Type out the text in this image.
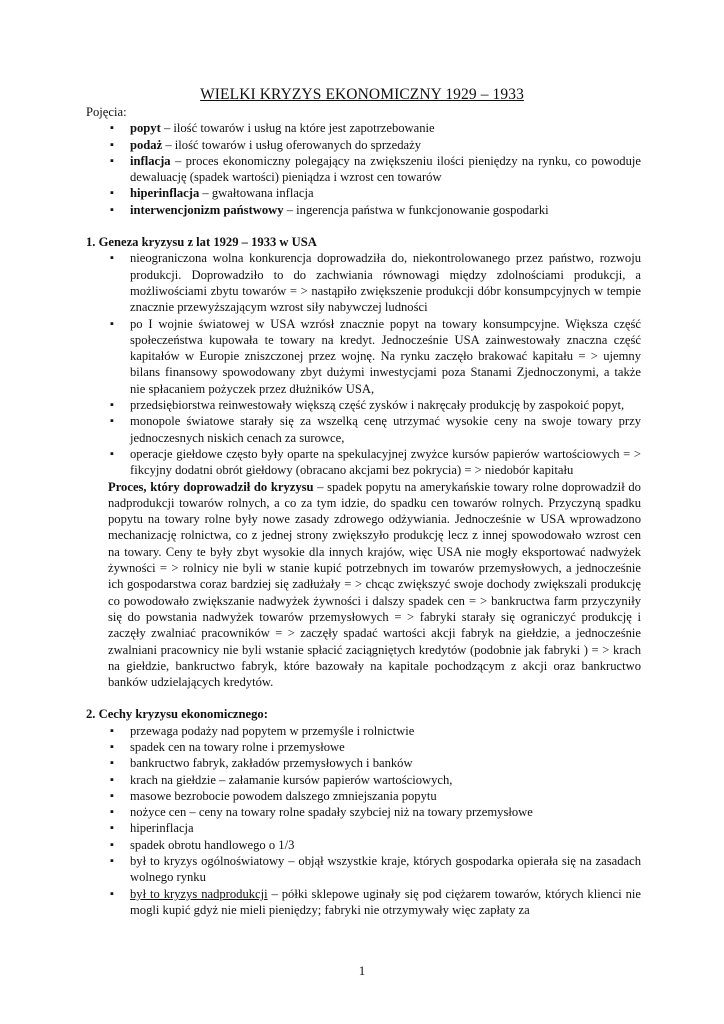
WIELKI KRYZYS EKONOMICZNY 1929 – 1933

Pojęcia:

▪ popyt – ilość towarów i usług na które jest zapotrzebowanie
▪ podaż – ilość towarów i usług oferowanych do sprzedaży
▪ inflacja – proces ekonomiczny polegający na zwiększeniu ilości pieniędzy na rynku, co powoduje dewaluację (spadek wartości) pieniądza i wzrost cen towarów
▪ hiperinflacja – gwałtowana inflacja
▪ interwencjonizm państwowy – ingerencja państwa w funkcjonowanie gospodarki

1. Geneza kryzysu z lat 1929 – 1933 w USA

▪ nieograniczona wolna konkurencja doprowadziła do, niekontrolowanego przez państwo, rozwoju produkcji. Doprowadziło to do zachwiania równowagi między zdolnościami produkcji, a możliwościami zbytu towarów = > nastąpiło zwiększenie produkcji dóbr konsumpcyjnych w tempie znacznie przewyższającym wzrost siły nabywczej ludności
▪ po I wojnie światowej w USA wzrósł znacznie popyt na towary konsumpcyjne. Większa część społeczeństwa kupowała te towary na kredyt. Jednocześnie USA zainwestowały znaczna część kapitałów w Europie zniszczonej przez wojnę. Na rynku zaczęło brakować kapitału = > ujemny bilans finansowy spowodowany zbyt dużymi inwestycjami poza Stanami Zjednoczonymi, a także nie spłacaniem pożyczek przez dłużników USA,
▪ przedsiębiorstwa reinwestowały większą część zysków i nakręcały produkcję by zaspokoić popyt,
▪ monopole światowe starały się za wszelką cenę utrzymać wysokie ceny na swoje towary przy jednoczesnych niskich cenach za surowce,
▪ operacje giełdowe często były oparte na spekulacyjnej zwyżce kursów papierów wartościowych = > fikcyjny dodatni obrót giełdowy (obracano akcjami bez pokrycia) = > niedobór kapitału

Proces, który doprowadził do kryzysu – spadek popytu na amerykańskie towary rolne doprowadził do nadprodukcji towarów rolnych, a co za tym idzie, do spadku cen towarów rolnych. Przyczyną spadku popytu na towary rolne były nowe zasady zdrowego odżywiania. Jednocześnie w USA wprowadzono mechanizację rolnictwa, co z jednej strony zwiększyło produkcję lecz z innej spowodowało wzrost cen na towary. Ceny te były zbyt wysokie dla innych krajów, więc USA nie mogły eksportować nadwyżek żywności = > rolnicy nie byli w stanie kupić potrzebnych im towarów przemysłowych, a jednocześnie ich gospodarstwa coraz bardziej się zadłużały = > chcąc zwiększyć swoje dochody zwiększali produkcję co powodowało zwiększanie nadwyżek żywności i dalszy spadek cen = > bankructwa farm przyczyniły się do powstania nadwyżek towarów przemysłowych = > fabryki starały się ograniczyć produkcję i zaczęły zwalniać pracowników = > zaczęły spadać wartości akcji fabryk na giełdzie, a jednocześnie zwalniani pracownicy nie byli wstanie spłacić zaciągniętych kredytów (podobnie jak fabryki ) = > krach na giełdzie, bankructwo fabryk, które bazowały na kapitale pochodzącym z akcji oraz bankructwo banków udzielających kredytów.

2. Cechy kryzysu ekonomicznego:

▪ przewaga podaży nad popytem w przemyśle i rolnictwie
▪ spadek cen na towary rolne i przemysłowe
▪ bankructwo fabryk, zakładów przemysłowych i banków
▪ krach na giełdzie – załamanie kursów papierów wartościowych,
▪ masowe bezrobocie powodem dalszego zmniejszania popytu
▪ nożyce cen – ceny na towary rolne spadały szybciej niż na towary przemysłowe
▪ hiperinflacja
▪ spadek obrotu handlowego o 1/3
▪ był to kryzys ogólnoświatowy – objął wszystkie kraje, których gospodarka opierała się na zasadach wolnego rynku
▪ był to kryzys nadprodukcji – półki sklepowe uginały się pod ciężarem towarów, których klienci nie mogli kupić gdyż nie mieli pieniędzy; fabryki nie otrzymywały więc zapłaty za
1
